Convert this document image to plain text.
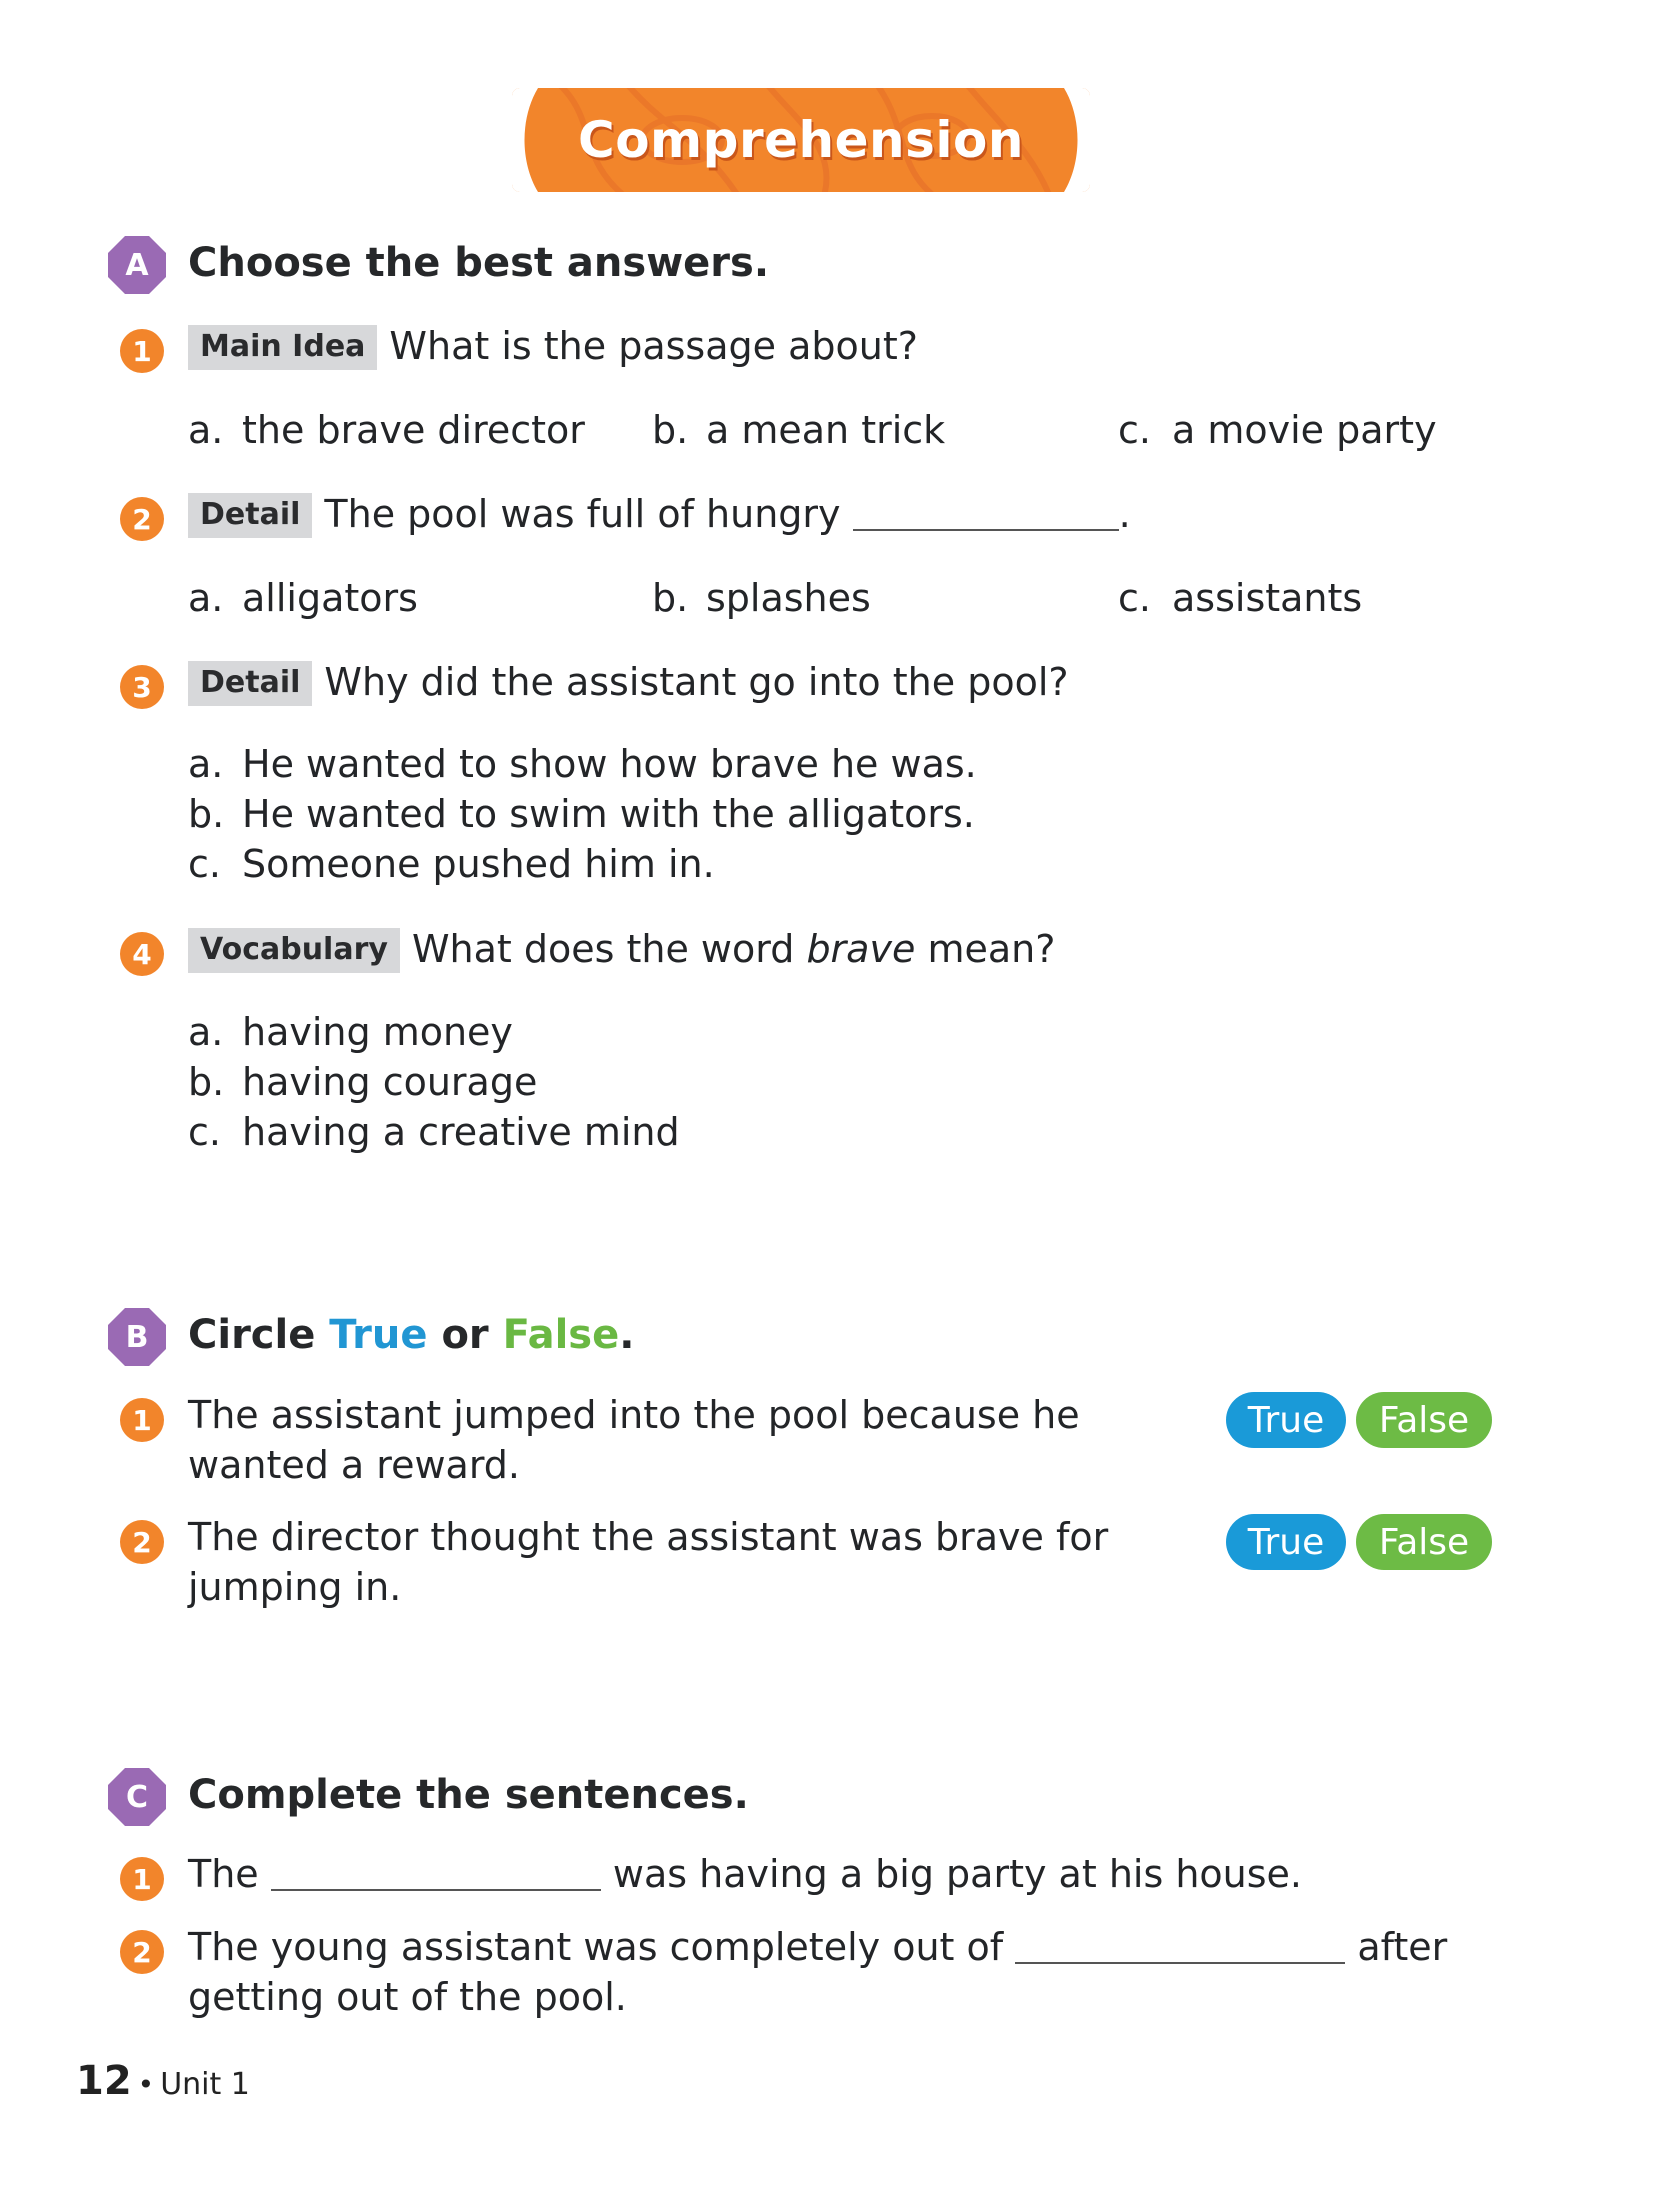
Comprehension
A Choose the best answers.
1	Main Idea What is the passage about?
a. the brave director b. a mean trick	c. a movie party
2	Detail The pool was full of hungry	.
a. alligators	b. splashes	c. assistants
3	Detail Why did the assistant go into the pool?
a. He wanted to show how brave he was.
b. He wanted to swim with the alligators.
c. Someone pushed him in.
4	Vocabulary What does the word brave mean?
a. having money
b. having courage
c. having a creative mind
B Circle True or False.
1 The assistant jumped into the pool because he
wanted a reward.
True	False
2 The director thought the assistant was brave for
jumping in.
True	False
C Complete the sentences.
1 The	was having a big party at his house.
2 The young assistant was completely out of	after
getting out of the pool.
12 • Unit 1
